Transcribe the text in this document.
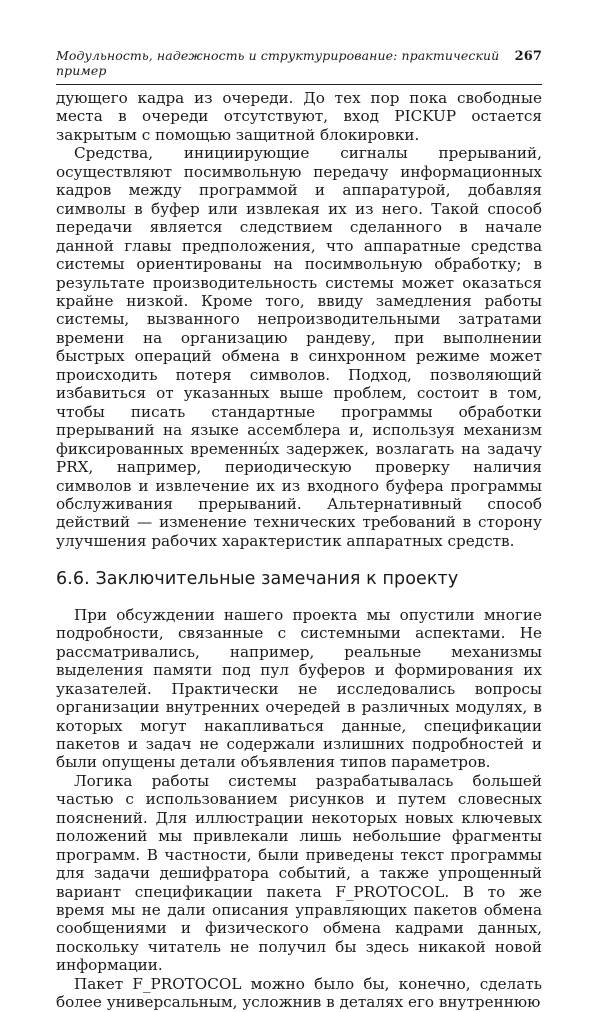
Модульность, надежность и структурирование: практический пример
267

дующего кадра из очереди. До тех пор пока свободные места в очереди отсутствуют, вход PICKUP остается закрытым с помощью защитной блокировки.

Средства, инициирующие сигналы прерываний, осуществляют посимвольную передачу информационных кадров между программой и аппаратурой, добавляя символы в буфер или извлекая их из него. Такой способ передачи является следствием сделанного в начале данной главы предположения, что аппаратные средства системы ориентированы на посимвольную обработку; в результате производительность системы может оказаться крайне низкой. Кроме того, ввиду замедления работы системы, вызванного непроизводительными затратами времени на организацию рандеву, при выполнении быстрых операций обмена в синхронном режиме может происходить потеря символов. Подход, позволяющий избавиться от указанных выше проблем, состоит в том, чтобы писать стандартные программы обработки прерываний на языке ассемблера и, используя механизм фиксированных временны́х задержек, возлагать на задачу PRX, например, периодическую проверку наличия символов и извлечение их из входного буфера программы обслуживания прерываний. Альтернативный способ действий — изменение технических требований в сторону улучшения рабочих характеристик аппаратных средств.

6.6. Заключительные замечания к проекту

При обсуждении нашего проекта мы опустили многие подробности, связанные с системными аспектами. Не рассматривались, например, реальные механизмы выделения памяти под пул буферов и формирования их указателей. Практически не исследовались вопросы организации внутренних очередей в различных модулях, в которых могут накапливаться данные, спецификации пакетов и задач не содержали излишних подробностей и были опущены детали объявления типов параметров.

Логика работы системы разрабатывалась большей частью с использованием рисунков и путем словесных пояснений. Для иллюстрации некоторых новых ключевых положений мы привлекали лишь небольшие фрагменты программ. В частности, были приведены текст программы для задачи дешифратора событий, а также упрощенный вариант спецификации пакета F_PROTOCOL. В то же время мы не дали описания управляющих пакетов обмена сообщениями и физического обмена кадрами данных, поскольку читатель не получил бы здесь никакой новой информации.

Пакет F_PROTOCOL можно было бы, конечно, сделать более универсальным, усложнив в деталях его внутреннюю
